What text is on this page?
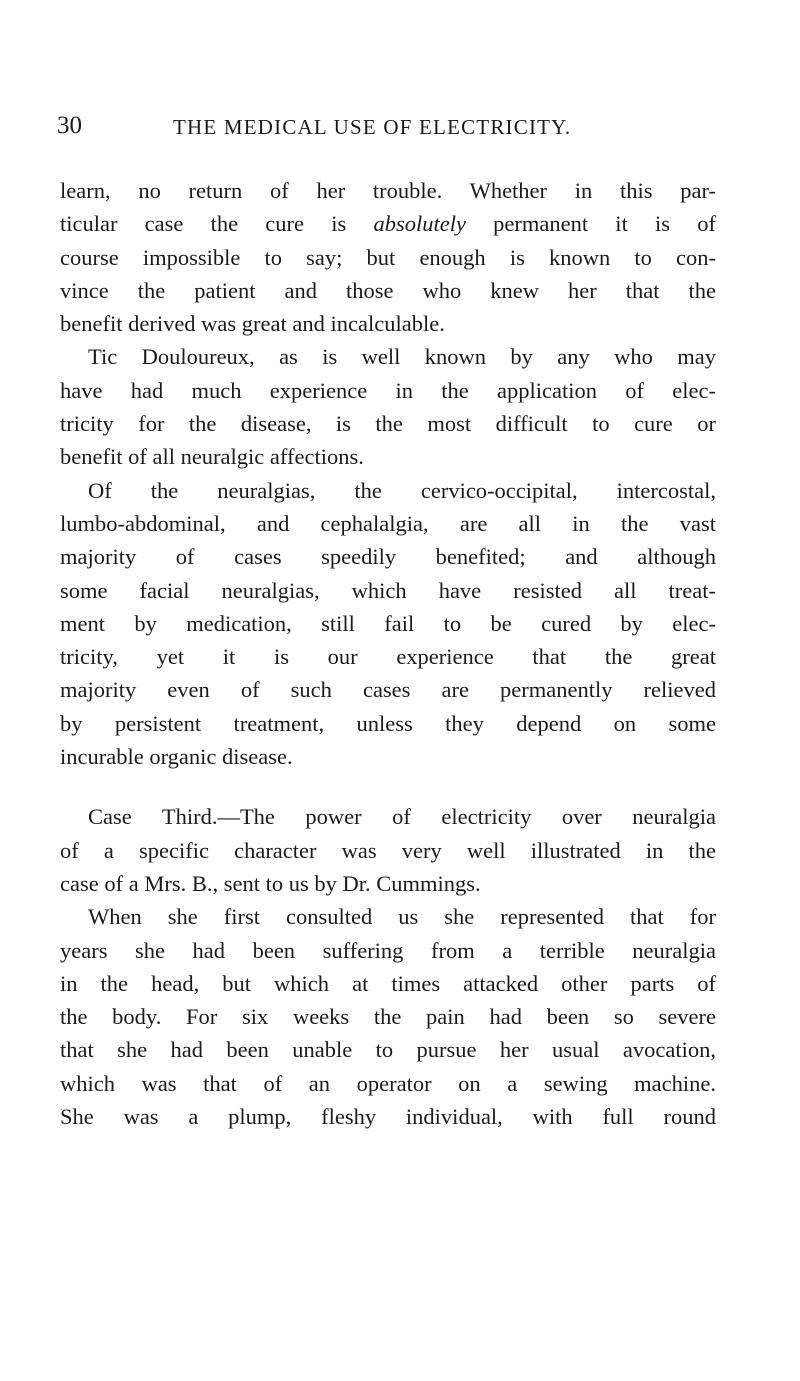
30	THE MEDICAL USE OF ELECTRICITY.
learn, no return of her trouble. Whether in this par-
ticular case the cure is absolutely permanent it is of
course impossible to say; but enough is known to con-
vince the patient and those who knew her that the
benefit derived was great and incalculable.
Tic Douloureux, as is well known by any who may
have had much experience in the application of elec-
tricity for the disease, is the most difficult to cure or
benefit of all neuralgic affections.
Of the neuralgias, the cervico-occipital, intercostal,
lumbo-abdominal, and cephalalgia, are all in the vast
majority of cases speedily benefited; and although
some facial neuralgias, which have resisted all treat-
ment by medication, still fail to be cured by elec-
tricity, yet it is our experience that the great
majority even of such cases are permanently relieved
by persistent treatment, unless they depend on some
incurable organic disease.
Case Third.—The power of electricity over neuralgia
of a specific character was very well illustrated in the
case of a Mrs. B., sent to us by Dr. Cummings.
When she first consulted us she represented that for
years she had been suffering from a terrible neuralgia
in the head, but which at times attacked other parts of
the body. For six weeks the pain had been so severe
that she had been unable to pursue her usual avocation,
which was that of an operator on a sewing machine.
She was a plump, fleshy individual, with full round
